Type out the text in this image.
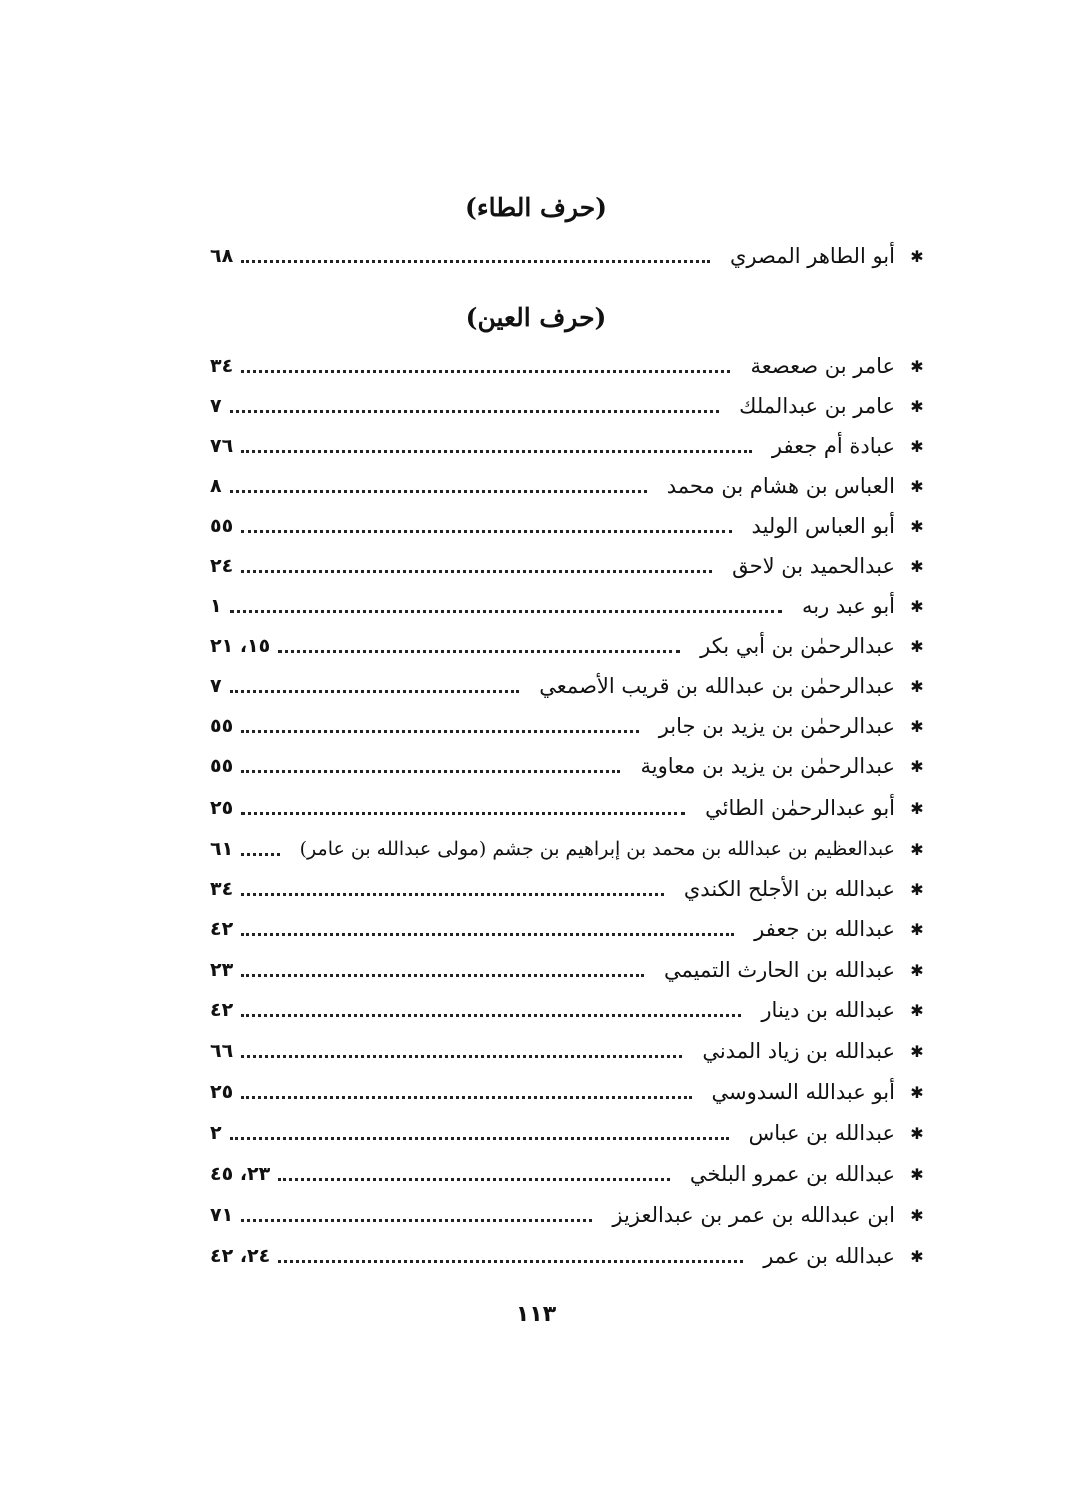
(حرف الطاء)
✱
أبو الطاهر المصري
٦٨
(حرف العين)
✱
عامر بن صعصعة
٣٤
✱
عامر بن عبدالملك
٧
✱
عبادة أم جعفر
٧٦
✱
العباس بن هشام بن محمد
٨
✱
أبو العباس الوليد
٥٥
✱
عبدالحميد بن لاحق
٢٤
✱
أبو عبد ربه
١
✱
عبدالرحمٰن بن أبي بكر
١٥، ٢١
✱
عبدالرحمٰن بن عبدالله بن قريب الأصمعي
٧
✱
عبدالرحمٰن بن يزيد بن جابر
٥٥
✱
عبدالرحمٰن بن يزيد بن معاوية
٥٥
✱
أبو عبدالرحمٰن الطائي
٢٥
✱
عبدالعظيم بن عبدالله بن محمد بن إبراهيم بن جشم (مولى عبدالله بن عامر)
٦١
✱
عبدالله بن الأجلح الكندي
٣٤
✱
عبدالله بن جعفر
٤٢
✱
عبدالله بن الحارث التميمي
٢٣
✱
عبدالله بن دينار
٤٢
✱
عبدالله بن زياد المدني
٦٦
✱
أبو عبدالله السدوسي
٢٥
✱
عبدالله بن عباس
٢
✱
عبدالله بن عمرو البلخي
٢٣، ٤٥
✱
ابن عبدالله بن عمر بن عبدالعزيز
٧١
✱
عبدالله بن عمر
٢٤، ٤٢
١١٣
